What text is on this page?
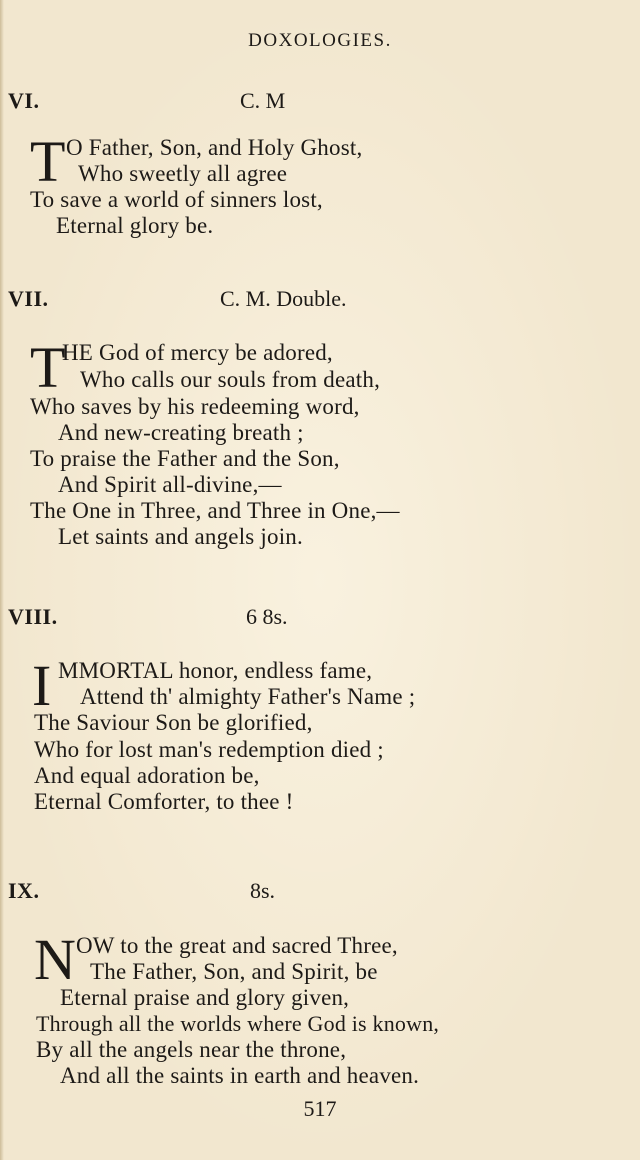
DOXOLOGIES.
VI.	C. M
T O Father, Son, and Holy Ghost,
Who sweetly all agree
To save a world of sinners lost,
Eternal glory be.
VII.	C. M. Double.
T
HE God of mercy be adored,
Who calls our souls from death,
Who saves by his redeeming word,
And new-creating breath ;
To praise the Father and the Son,
And Spirit all-divine,—
The One in Three, and Three in One,—
Let saints and angels join.
VIII.	6 8s.
I MMORTAL honor, endless fame,
Attend th' almighty Father's Name ;
The Saviour Son be glorified,
Who for lost man's redemption died ;
And equal adoration be,
Eternal Comforter, to thee !
IX.	8s.
N OW to the great and sacred Three,
The Father, Son, and Spirit, be
Eternal praise and glory given,
Through all the worlds where God is known,
By all the angels near the throne,
And all the saints in earth and heaven.
517
